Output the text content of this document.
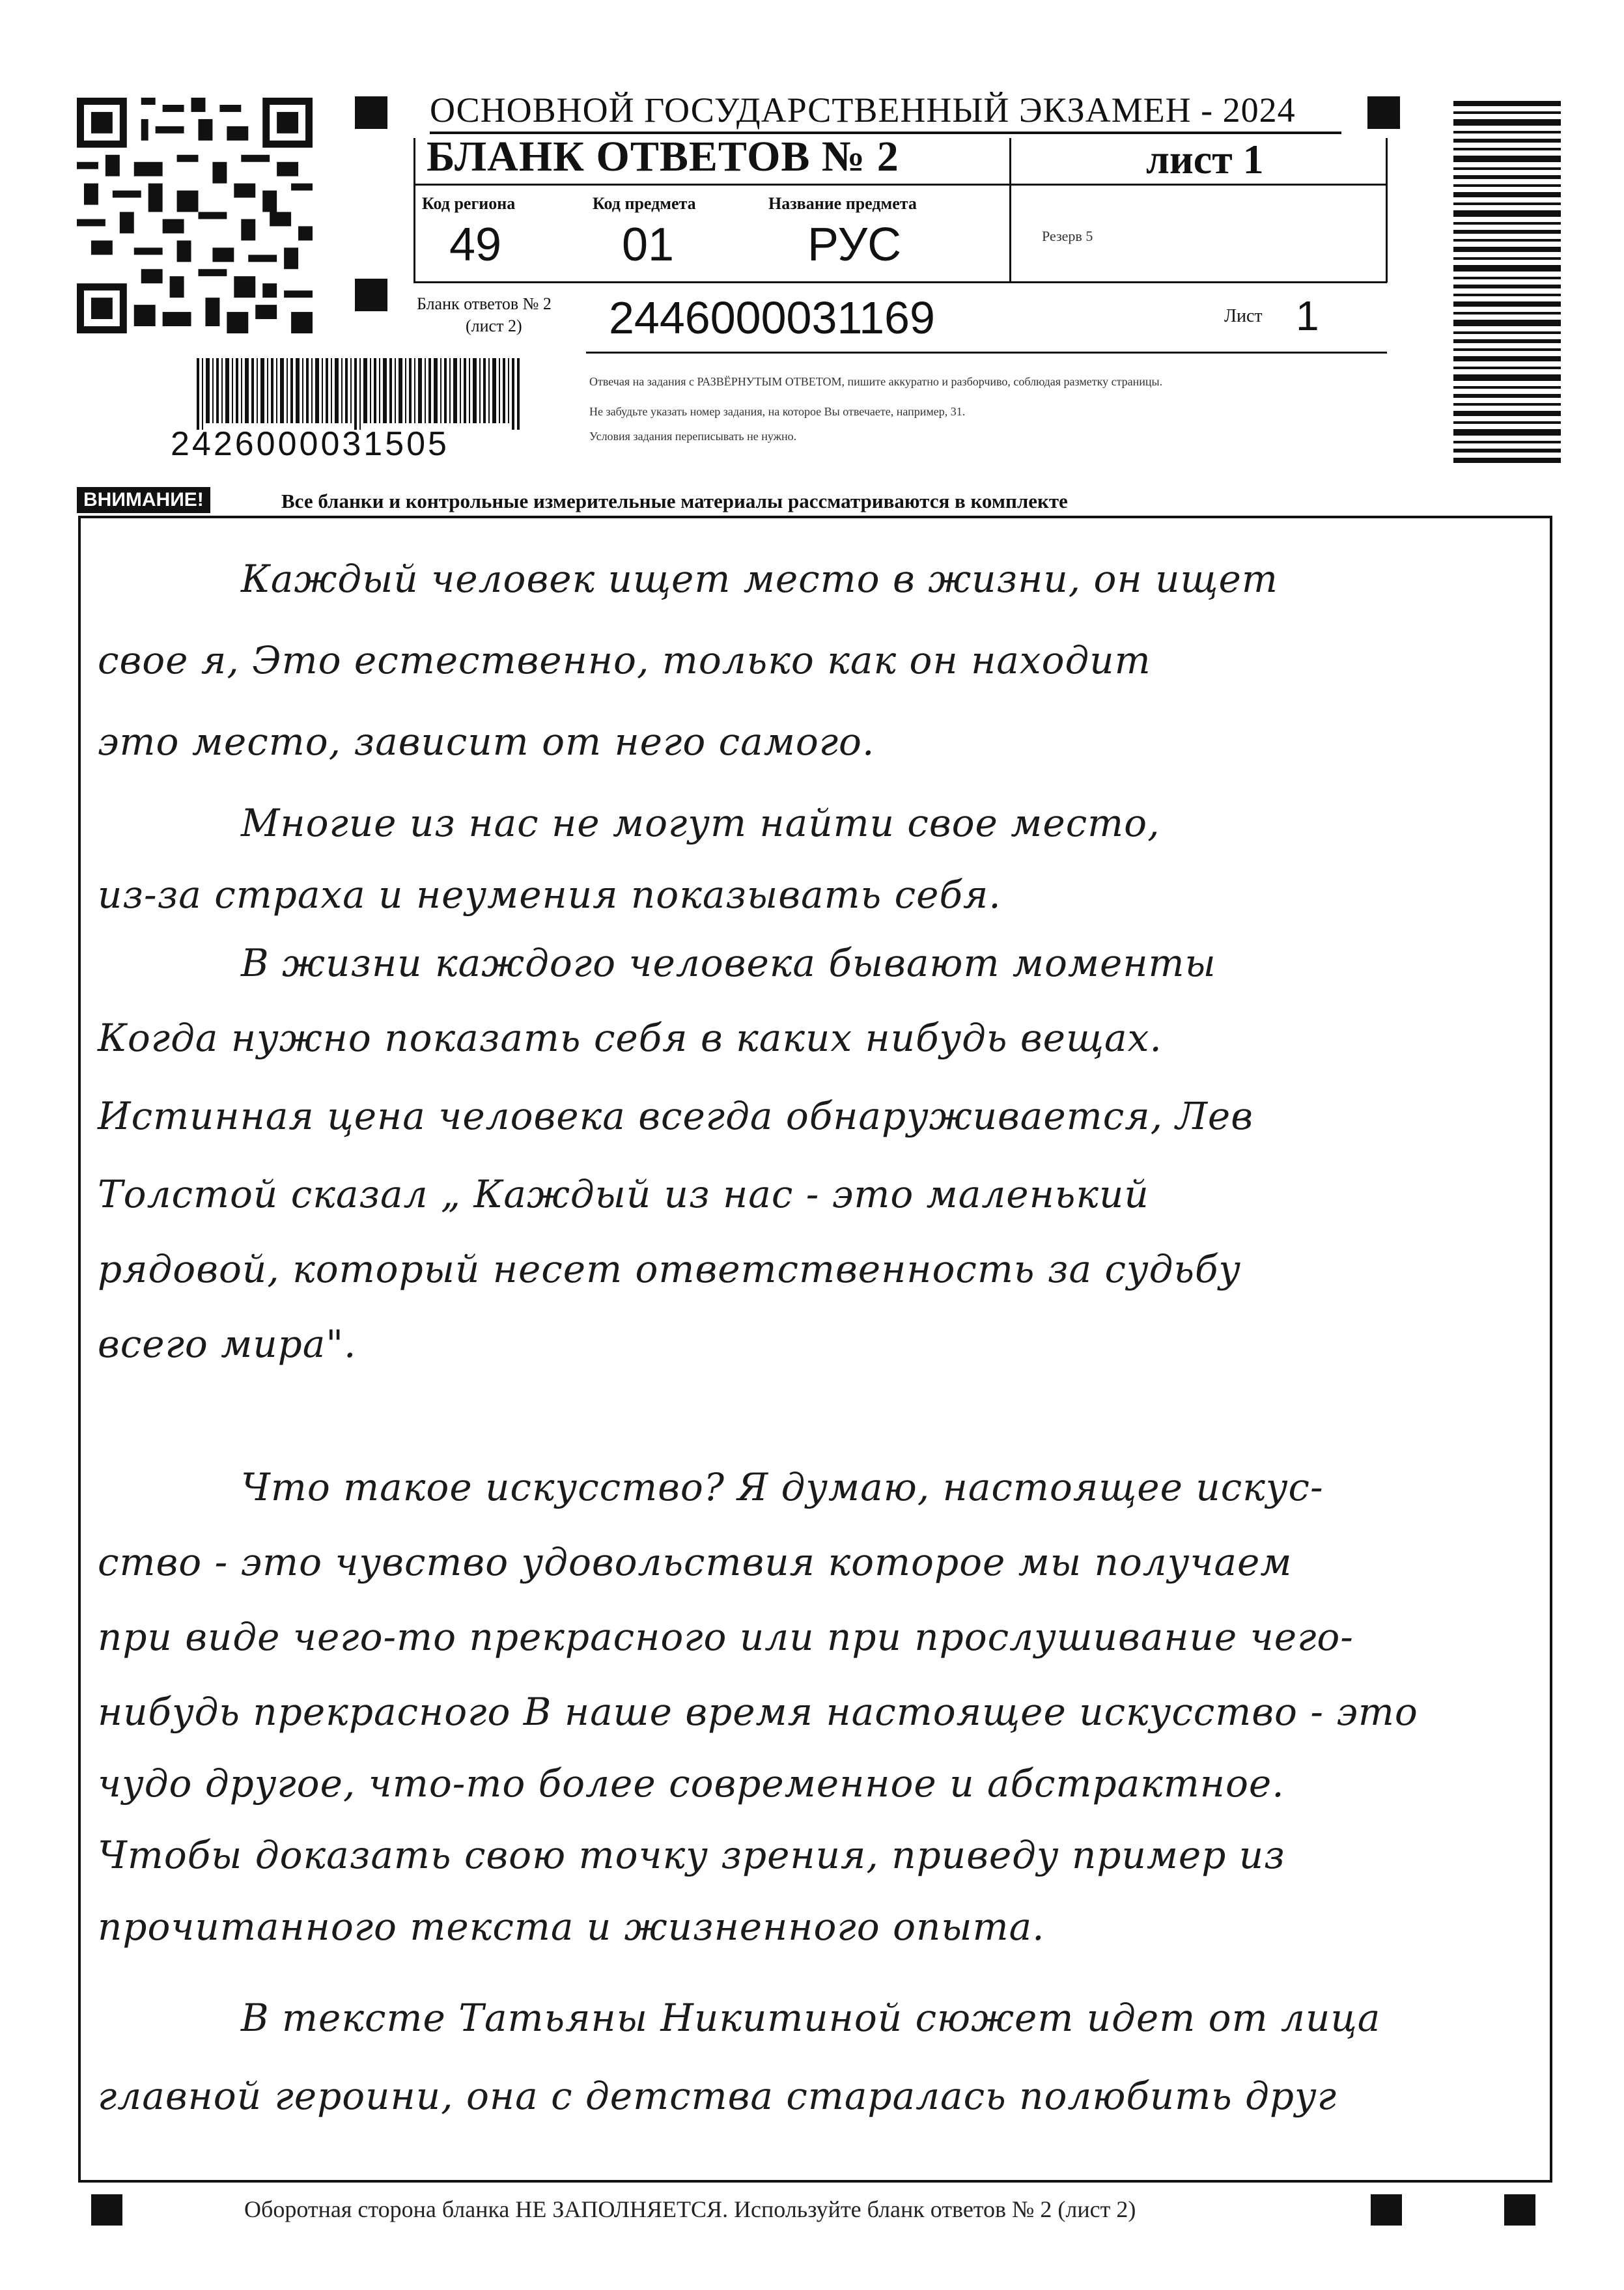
ОСНОВНОЙ ГОСУДАРСТВЕННЫЙ ЭКЗАМЕН - 2024
БЛАНК ОТВЕТОВ № 2	лист 1
Код региона
49
Код предмета
01
Название предмета
РУС	Резерв 5
Бланк ответов № 2
(лист 2) 2446000031169	Лист 1
Отвечая на задания с РАЗВЁРНУТЫМ ОТВЕТОМ, пишите аккуратно и разборчиво, соблюдая разметку страницы.
Не забудьте указать номер задания, на которое Вы отвечаете, например, 31.
Условия задания переписывать не нужно.
2426000031505
ВНИМАНИЕ!	Все бланки и контрольные измерительные материалы рассматриваются в комплекте
Каждый человек ищет место в жизни, он ищет
свое я, Это естественно, только как он находит
это место, зависит от него самого.
Многие из нас не могут найти свое место,
из-за страха и неумения показывать себя.
В жизни каждого человека бывают моменты
Когда нужно показать себя в каких нибудь вещах.
Истинная цена человека всегда обнаруживается, Лев
Толстой сказал „ Каждый из нас - это маленький
рядовой, который несет ответственность за судьбу
всего мира".
Что такое искусство? Я думаю, настоящее искус-
ство - это чувство удовольствия которое мы получаем
при виде чего-то прекрасного или при прослушивание чего-
нибудь прекрасного В наше время настоящее искусство - это
чудо другое, что-то более современное и абстрактное.
Чтобы доказать свою точку зрения, приведу пример из
прочитанного текста и жизненного опыта.
В тексте Татьяны Никитиной сюжет идет от лица
главной героини, она с детства старалась полюбить друг
Оборотная сторона бланка НЕ ЗАПОЛНЯЕТСЯ. Используйте бланк ответов № 2 (лист 2)
